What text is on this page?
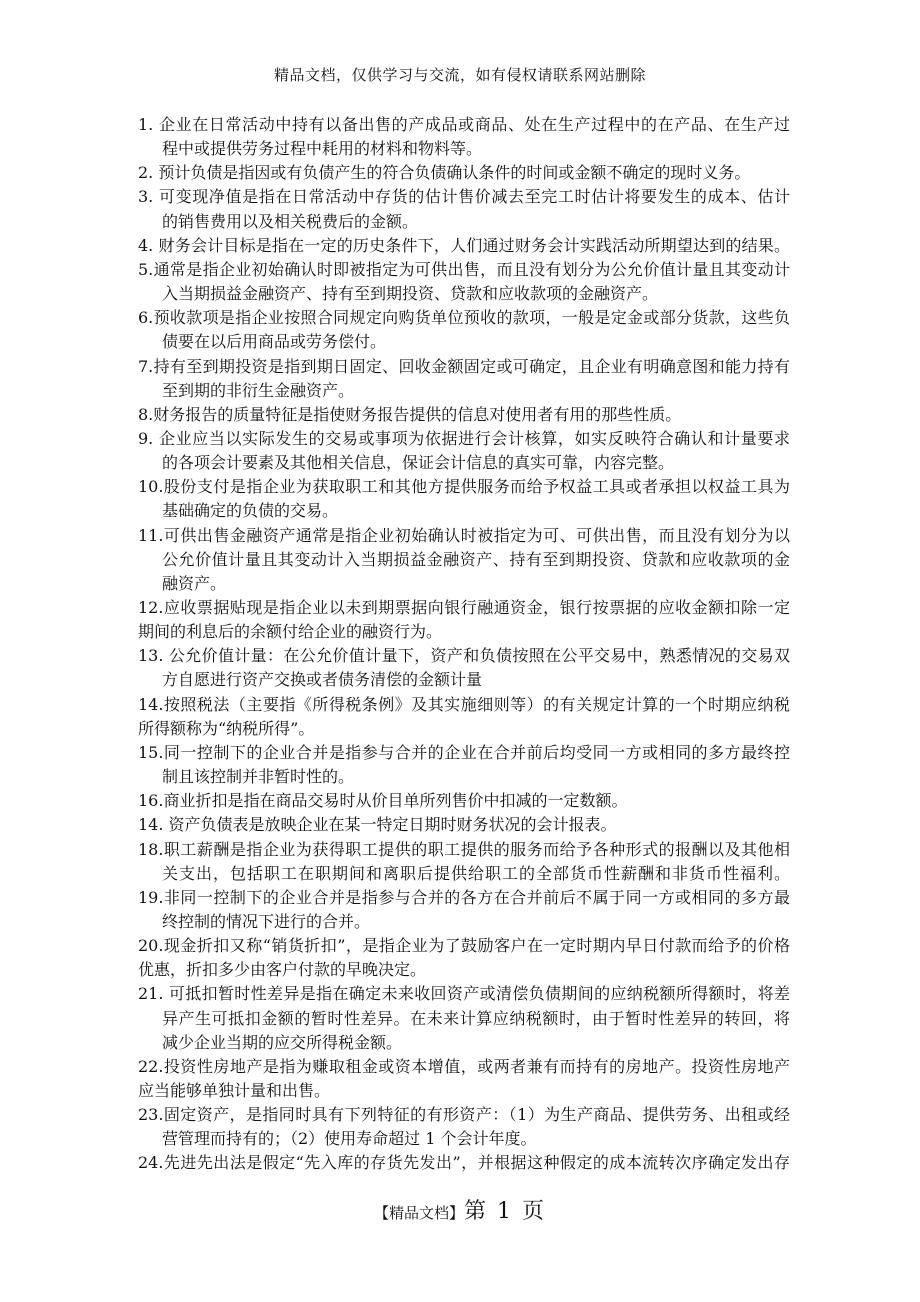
精品文档，仅供学习与交流，如有侵权请联系网站删除
1. 企业在日常活动中持有以备出售的产成品或商品、处在生产过程中的在产品、在生产过
程中或提供劳务过程中耗用的材料和物料等。
2. 预计负债是指因或有负债产生的符合负债确认条件的时间或金额不确定的现时义务。
3. 可变现净值是指在日常活动中存货的估计售价减去至完工时估计将要发生的成本、估计
的销售费用以及相关税费后的金额。
4. 财务会计目标是指在一定的历史条件下，人们通过财务会计实践活动所期望达到的结果。
5.通常是指企业初始确认时即被指定为可供出售，而且没有划分为公允价值计量且其变动计
入当期损益金融资产、持有至到期投资、贷款和应收款项的金融资产。
6.预收款项是指企业按照合同规定向购货单位预收的款项，一般是定金或部分货款，这些负
债要在以后用商品或劳务偿付。
7.持有至到期投资是指到期日固定、回收金额固定或可确定，且企业有明确意图和能力持有
至到期的非衍生金融资产。
8.财务报告的质量特征是指使财务报告提供的信息对使用者有用的那些性质。
9. 企业应当以实际发生的交易或事项为依据进行会计核算，如实反映符合确认和计量要求
的各项会计要素及其他相关信息，保证会计信息的真实可靠，内容完整。
10.股份支付是指企业为获取职工和其他方提供服务而给予权益工具或者承担以权益工具为
基础确定的负债的交易。
11.可供出售金融资产通常是指企业初始确认时被指定为可、可供出售，而且没有划分为以
公允价值计量且其变动计入当期损益金融资产、持有至到期投资、贷款和应收款项的金
融资产。
12.应收票据贴现是指企业以未到期票据向银行融通资金，银行按票据的应收金额扣除一定
期间的利息后的余额付给企业的融资行为。
13. 公允价值计量：在公允价值计量下，资产和负债按照在公平交易中，熟悉情况的交易双
方自愿进行资产交换或者债务清偿的金额计量
14.按照税法（主要指《所得税条例》及其实施细则等）的有关规定计算的一个时期应纳税
所得额称为“纳税所得”。
15.同一控制下的企业合并是指参与合并的企业在合并前后均受同一方或相同的多方最终控
制且该控制并非暂时性的。
16.商业折扣是指在商品交易时从价目单所列售价中扣减的一定数额。
14. 资产负债表是放映企业在某一特定日期时财务状况的会计报表。
18.职工薪酬是指企业为获得职工提供的职工提供的服务而给予各种形式的报酬以及其他相
关支出，包括职工在职期间和离职后提供给职工的全部货币性薪酬和非货币性福利。
19.非同一控制下的企业合并是指参与合并的各方在合并前后不属于同一方或相同的多方最
终控制的情况下进行的合并。
20.现金折扣又称“销货折扣”，是指企业为了鼓励客户在一定时期内早日付款而给予的价格
优惠，折扣多少由客户付款的早晚决定。
21. 可抵扣暂时性差异是指在确定未来收回资产或清偿负债期间的应纳税额所得额时，将差
异产生可抵扣金额的暂时性差异。在未来计算应纳税额时，由于暂时性差异的转回，将
减少企业当期的应交所得税金额。
22.投资性房地产是指为赚取租金或资本增值，或两者兼有而持有的房地产。投资性房地产
应当能够单独计量和出售。
23.固定资产，是指同时具有下列特征的有形资产：（1）为生产商品、提供劳务、出租或经
营管理而持有的；（2）使用寿命超过 1 个会计年度。
24.先进先出法是假定“先入库的存货先发出”，并根据这种假定的成本流转次序确定发出存
【精品文档】第 1 页
